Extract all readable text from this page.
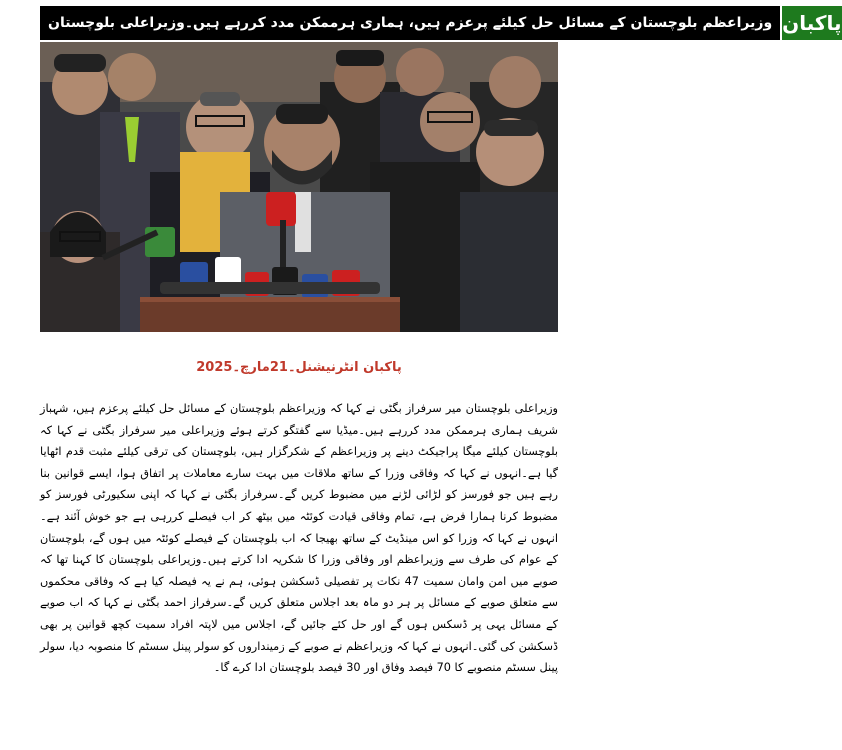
وزیراعظم بلوچستان کے مسائل حل کیلئے پرعزم ہیں، ہماری ہرممکن مدد کررہے ہیں۔وزیراعلی بلوچستان پاکبان
پاکبان انٹرنیشنل۔21مارچ۔2025

وزیراعلی بلوچستان میر سرفراز بگٹی نے کہا کہ وزیراعظم بلوچستان کے مسائل حل کیلئے پرعزم ہیں، شہباز شریف ہماری ہرممکن مدد کررہے ہیں۔میڈیا سے گفتگو کرتے ہوئے وزیراعلی میر سرفراز بگٹی نے کہا کہ بلوچستان کیلئے میگا پراجیکٹ دینے پر وزیراعظم کے شکرگزار ہیں، بلوچستان کی ترقی کیلئے مثبت قدم اٹھایا گیا ہے۔انہوں نے کہا کہ وفاقی وزرا کے ساتھ ملاقات میں بہت سارے معاملات پر اتفاق ہوا، ایسے قوانین بنا رہے ہیں جو فورسز کو لڑائی لڑنے میں مضبوط کریں گے۔سرفراز بگٹی نے کہا کہ اپنی سکیورٹی فورسز کو مضبوط کرنا ہمارا فرض ہے، تمام وفاقی قیادت کوئٹہ میں بیٹھ کر اب فیصلے کررہی ہے جو خوش آئند ہے۔انہوں نے کہا کہ وزرا کو اس مینڈیٹ کے ساتھ بھیجا کہ اب بلوچستان کے فیصلے کوئٹہ میں ہوں گے، بلوچستان کے عوام کی طرف سے وزیراعظم اور وفاقی وزرا کا شکریہ ادا کرتے ہیں۔وزیراعلی بلوچستان کا کہنا تھا کہ صوبے میں امن وامان سمیت 47 نکات پر تفصیلی ڈسکشن ہوئی، ہم نے یہ فیصلہ کیا ہے کہ وفاقی محکموں سے متعلق صوبے کے مسائل پر ہر دو ماہ بعد اجلاس متعلق کریں گے۔سرفراز احمد بگٹی نے کہا کہ اب صوبے کے مسائل یہی پر ڈسکس ہوں گے اور حل کئے جائیں گے، اجلاس میں لاپتہ افراد سمیت کچھ قوانین پر بھی ڈسکشن کی گئی۔انہوں نے کہا کہ وزیراعظم نے صوبے کے زمینداروں کو سولر پینل سسٹم کا منصوبہ دیا، سولر پینل سسٹم منصوبے کا 70 فیصد وفاق اور 30 فیصد بلوچستان ادا کرے گا۔
